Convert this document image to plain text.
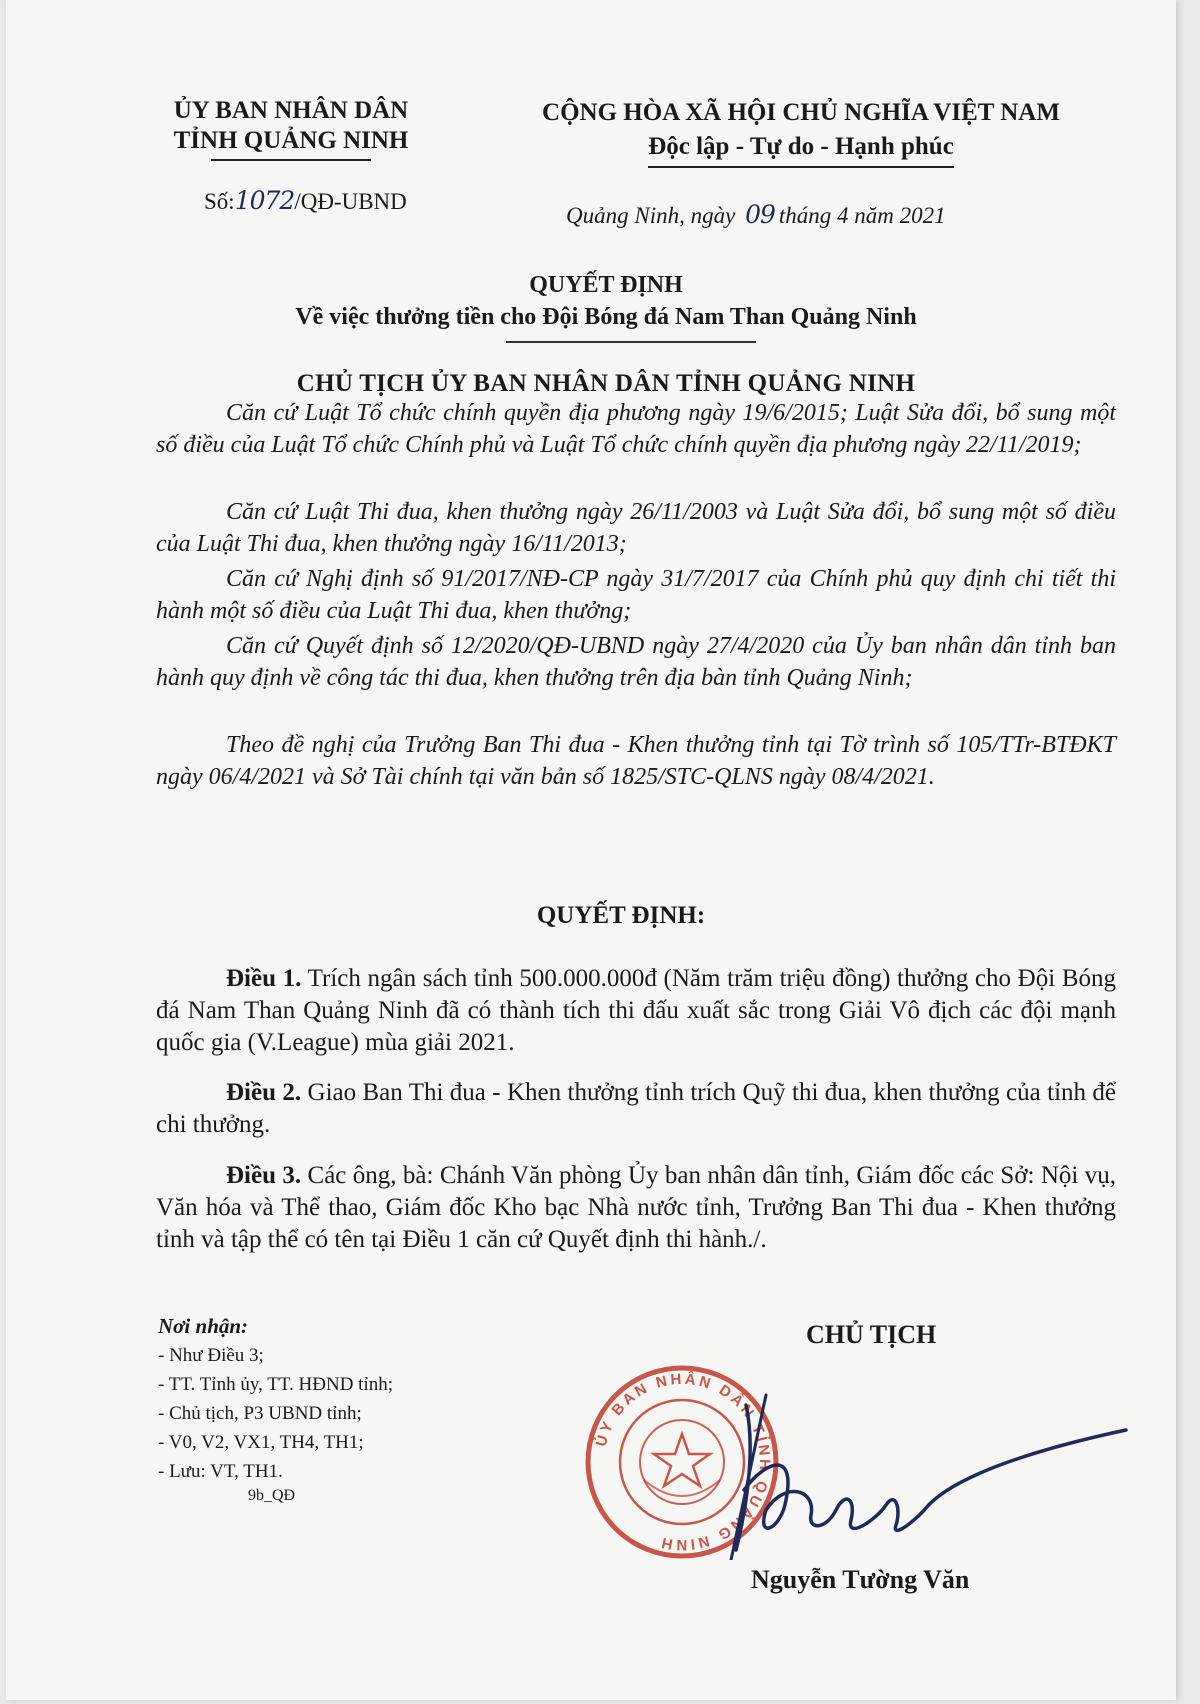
ỦY BAN NHÂN DÂN
TỈNH QUẢNG NINH
Số:1072/QĐ-UBND
CỘNG HÒA XÃ HỘI CHỦ NGHĨA VIỆT NAM
Độc lập - Tự do - Hạnh phúc
Quảng Ninh, ngày 09 tháng 4 năm 2021
QUYẾT ĐỊNH
Về việc thưởng tiền cho Đội Bóng đá Nam Than Quảng Ninh
CHỦ TỊCH ỦY BAN NHÂN DÂN TỈNH QUẢNG NINH
Căn cứ Luật Tổ chức chính quyền địa phương ngày 19/6/2015; Luật Sửa đổi, bổ sung một số điều của Luật Tổ chức Chính phủ và Luật Tổ chức chính quyền địa phương ngày 22/11/2019;
Căn cứ Luật Thi đua, khen thưởng ngày 26/11/2003 và Luật Sửa đổi, bổ sung một số điều của Luật Thi đua, khen thưởng ngày 16/11/2013;
Căn cứ Nghị định số 91/2017/NĐ-CP ngày 31/7/2017 của Chính phủ quy định chi tiết thi hành một số điều của Luật Thi đua, khen thưởng;
Căn cứ Quyết định số 12/2020/QĐ-UBND ngày 27/4/2020 của Ủy ban nhân dân tỉnh ban hành quy định về công tác thi đua, khen thưởng trên địa bàn tỉnh Quảng Ninh;
Theo đề nghị của Trưởng Ban Thi đua - Khen thưởng tỉnh tại Tờ trình số 105/TTr-BTĐKT ngày 06/4/2021 và Sở Tài chính tại văn bản số 1825/STC-QLNS ngày 08/4/2021.
QUYẾT ĐỊNH:
Điều 1. Trích ngân sách tỉnh 500.000.000đ (Năm trăm triệu đồng) thưởng cho Đội Bóng đá Nam Than Quảng Ninh đã có thành tích thi đấu xuất sắc trong Giải Vô địch các đội mạnh quốc gia (V.League) mùa giải 2021.
Điều 2. Giao Ban Thi đua - Khen thưởng tỉnh trích Quỹ thi đua, khen thưởng của tỉnh để chi thưởng.
Điều 3. Các ông, bà: Chánh Văn phòng Ủy ban nhân dân tỉnh, Giám đốc các Sở: Nội vụ, Văn hóa và Thể thao, Giám đốc Kho bạc Nhà nước tỉnh, Trưởng Ban Thi đua - Khen thưởng tỉnh và tập thể có tên tại Điều 1 căn cứ Quyết định thi hành./.
Nơi nhận:
- Như Điều 3;
- TT. Tỉnh ủy, TT. HĐND tỉnh;
- Chủ tịch, P3 UBND tỉnh;
- V0, V2, VX1, TH4, TH1;
- Lưu: VT, TH1.
9b_QĐ
CHỦ TỊCH
ỦY BAN NHÂN DÂN TỈNH QUẢNG NINH
Nguyễn Tường Văn
